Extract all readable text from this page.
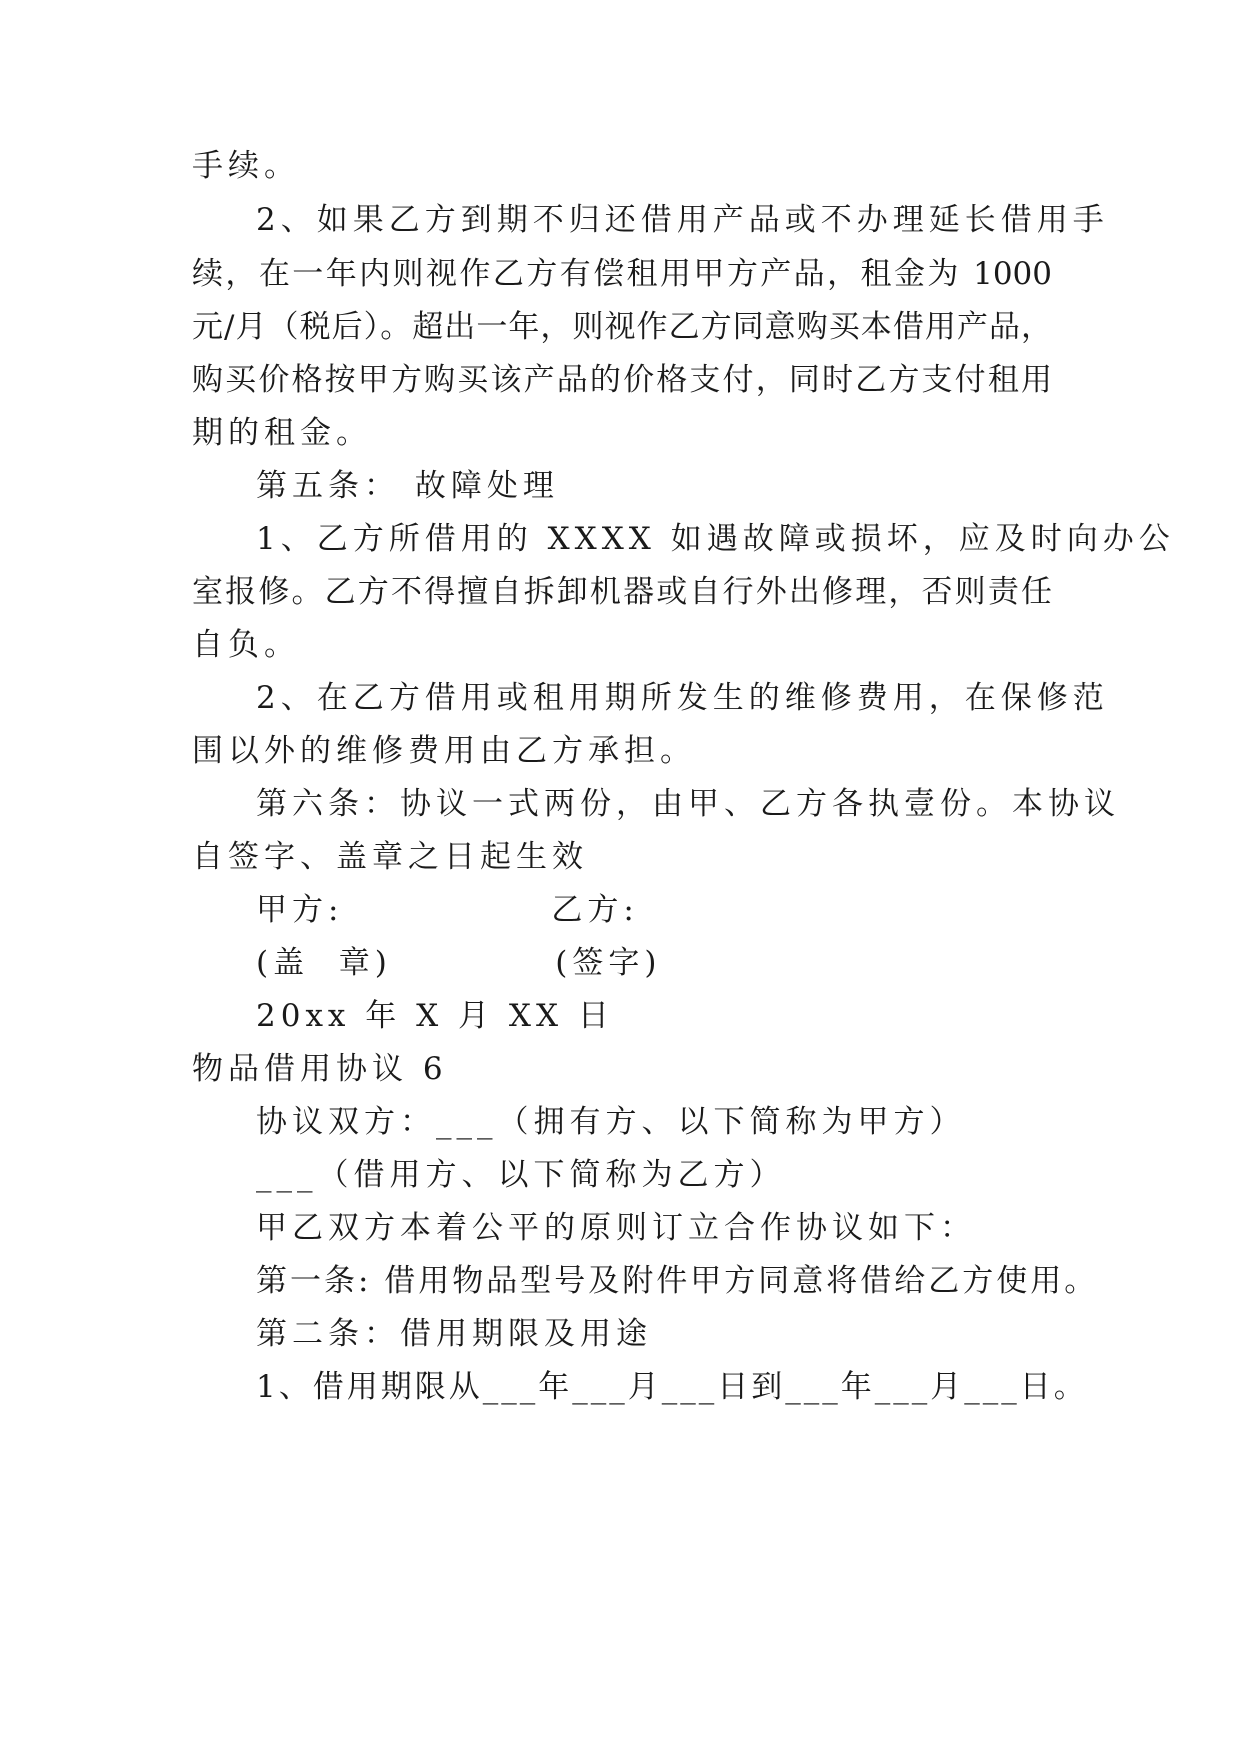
手续。
2、如果乙方到期不归还借用产品或不办理延长借用手
续，在一年内则视作乙方有偿租用甲方产品，租金为 1000
元/月（税后）。超出一年，则视作乙方同意购买本借用产品，
购买价格按甲方购买该产品的价格支付，同时乙方支付租用
期的租金。
第五条： 故障处理
1、乙方所借用的 XXXX 如遇故障或损坏，应及时向办公
室报修。乙方不得擅自拆卸机器或自行外出修理，否则责任
自负。
2、在乙方借用或租用期所发生的维修费用，在保修范
围以外的维修费用由乙方承担。
第六条：协议一式两份，由甲、乙方各执壹份。本协议
自签字、盖章之日起生效
甲方:              乙方:
(盖  章)           (签字)
20xx 年 X 月 XX 日
物品借用协议 6
协议双方：___（拥有方、以下简称为甲方）
___（借用方、以下简称为乙方）
甲乙双方本着公平的原则订立合作协议如下：
第一条: 借用物品型号及附件甲方同意将借给乙方使用。
第二条：借用期限及用途
1、借用期限从___年___月___日到___年___月___日。
